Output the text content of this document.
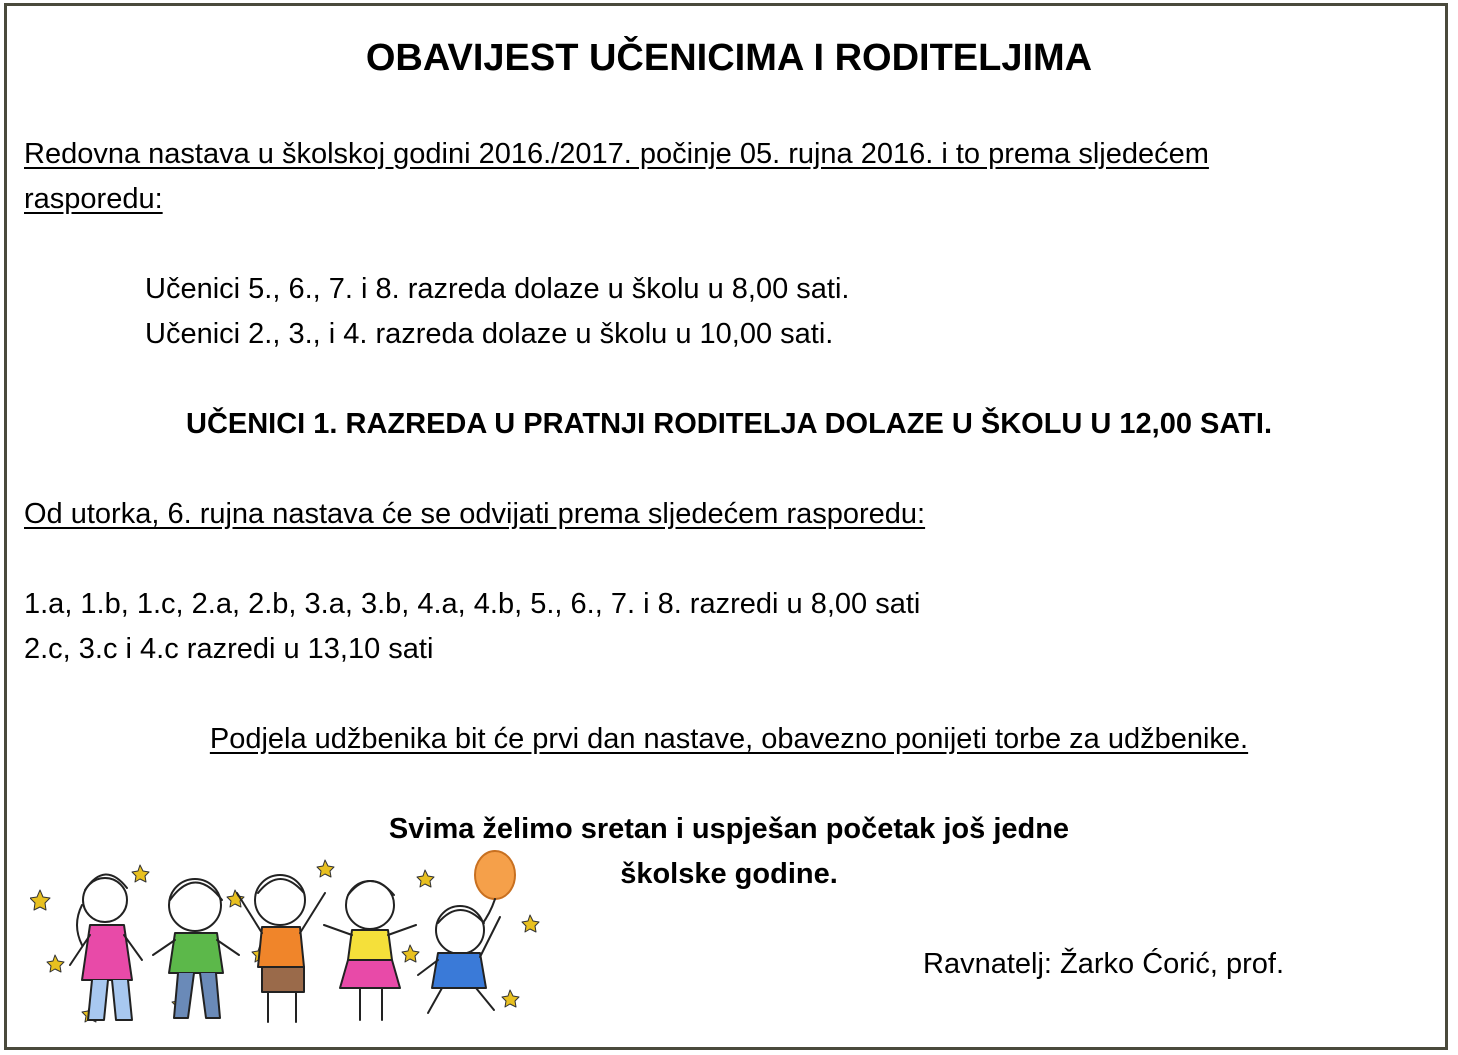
OBAVIJEST UČENICIMA I RODITELJIMA
Redovna nastava u školskoj godini 2016./2017. počinje 05. rujna 2016. i to prema sljedećem
rasporedu:
Učenici 5., 6., 7. i 8. razreda dolaze u školu u 8,00 sati.
Učenici 2., 3., i 4. razreda dolaze u školu u 10,00 sati.
UČENICI 1. RAZREDA U PRATNJI RODITELJA DOLAZE U ŠKOLU U 12,00 SATI.
Od utorka, 6. rujna nastava će se odvijati prema sljedećem rasporedu:
1.a, 1.b, 1.c, 2.a, 2.b, 3.a, 3.b, 4.a, 4.b, 5., 6., 7. i 8. razredi u 8,00 sati
2.c, 3.c i 4.c razredi u 13,10 sati
Podjela udžbenika bit će prvi dan nastave, obavezno ponijeti torbe za udžbenike.
Svima želimo sretan i uspješan početak još jedne
školske godine.
Ravnatelj: Žarko Ćorić, prof.
